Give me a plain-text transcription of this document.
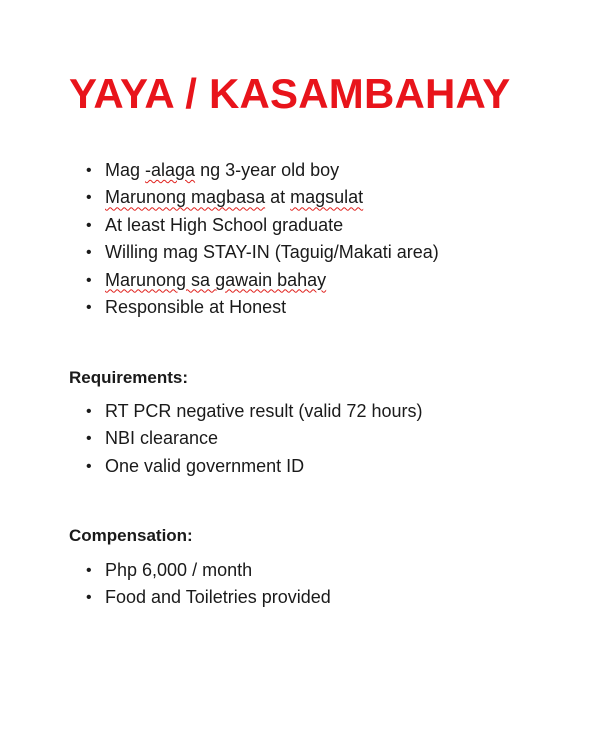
YAYA / KASAMBAHAY
• Mag -alaga ng 3-year old boy
• Marunong magbasa at magsulat
• At least High School graduate
• Willing mag STAY-IN (Taguig/Makati area)
• Marunong sa gawain bahay
• Responsible at Honest
Requirements:
• RT PCR negative result (valid 72 hours)
• NBI clearance
• One valid government ID
Compensation:
• Php 6,000 / month
• Food and Toiletries provided
